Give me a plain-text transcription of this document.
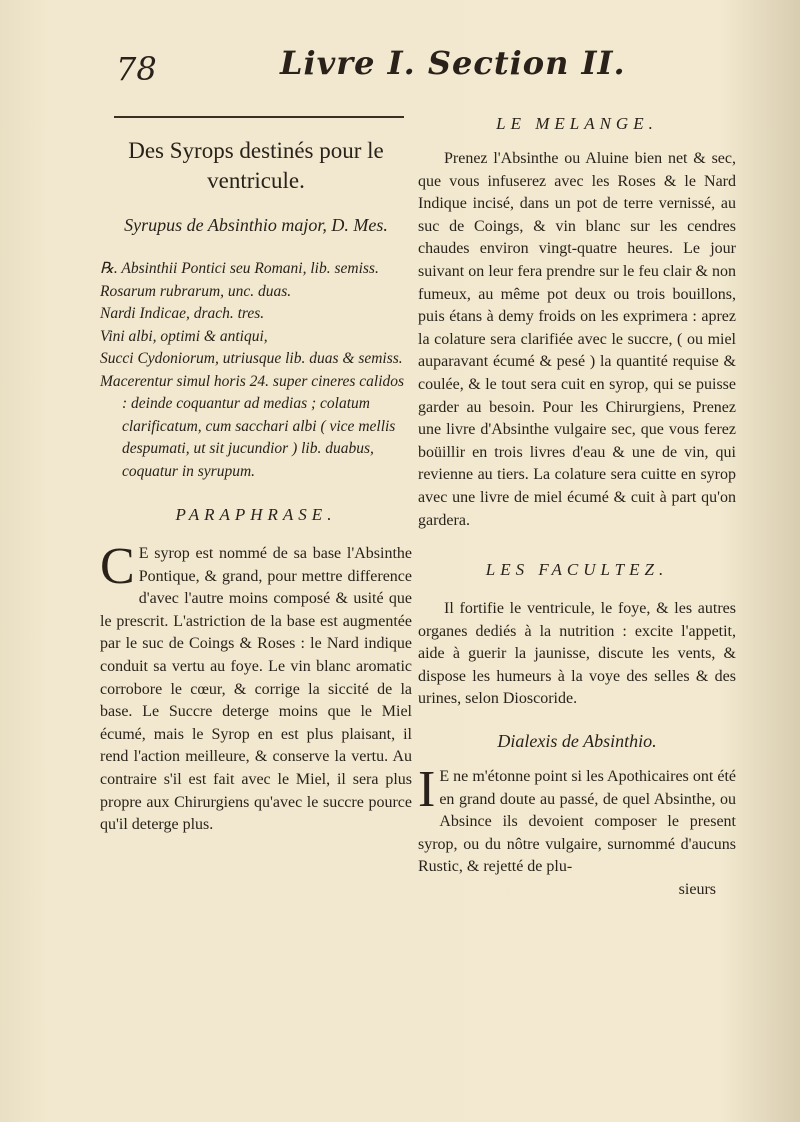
78	Livre I. Section II.
Des Syrops destinés pour le ventricule.
Syrupus de Absinthio major, D. Mes.

℞. Absinthii Pontici seu Romani, lib. semiss.

Rosarum rubrarum, unc. duas.

Nardi Indicae, drach. tres.

Vini albi, optimi & antiqui,

Succi Cydoniorum, utriusque lib. duas & semiss.

Macerentur simul horis 24. super cineres calidos : deinde coquantur ad medias ; colatum clarificatum, cum sacchari albi ( vice mellis despumati, ut sit jucundior ) lib. duabus, coquatur in syrupum.

PARAPHRASE.

C E syrop est nommé de sa base l'Absinthe Pontique, & grand, pour mettre difference d'avec l'autre moins composé & usité que le prescrit. L'astriction de la base est augmentée par le suc de Coings & Roses : le Nard indique conduit sa vertu au foye. Le vin blanc aromatic corrobore le cœur, & corrige la siccité de la base. Le Succre deterge moins que le Miel écumé, mais le Syrop en est plus plaisant, il rend l'action meilleure, & conserve la vertu. Au contraire s'il est fait avec le Miel, il sera plus propre aux Chirurgiens qu'avec le succre pource qu'il deterge plus.

LE MELANGE.

Prenez l'Absinthe ou Aluine bien net & sec, que vous infuserez avec les Roses & le Nard Indique incisé, dans un pot de terre vernissé, au suc de Coings, & vin blanc sur les cendres chaudes environ vingt-quatre heures. Le jour suivant on leur fera prendre sur le feu clair & non fumeux, au même pot deux ou trois bouillons, puis étans à demy froids on les exprimera : aprez la colature sera clarifiée avec le succre, ( ou miel auparavant écumé & pesé ) la quantité requise & coulée, & le tout sera cuit en syrop, qui se puisse garder au besoin. Pour les Chirurgiens, Prenez une livre d'Absinthe vulgaire sec, que vous ferez boüillir en trois livres d'eau & une de vin, qui revienne au tiers. La colature sera cuitte en syrop avec une livre de miel écumé & cuit à part qu'on gardera.

LES FACULTEZ.

Il fortifie le ventricule, le foye, & les autres organes dediés à la nutrition : excite l'appetit, aide à guerir la jaunisse, discute les vents, & dispose les humeurs à la voye des selles & des urines, selon Dioscoride.

Dialexis de Absinthio.

I E ne m'étonne point si les Apothicaires ont été en grand doute au passé, de quel Absinthe, ou Absince ils devoient composer le present syrop, ou du nôtre vulgaire, surnommé d'aucuns Rustic, & rejetté de plu-

sieurs
